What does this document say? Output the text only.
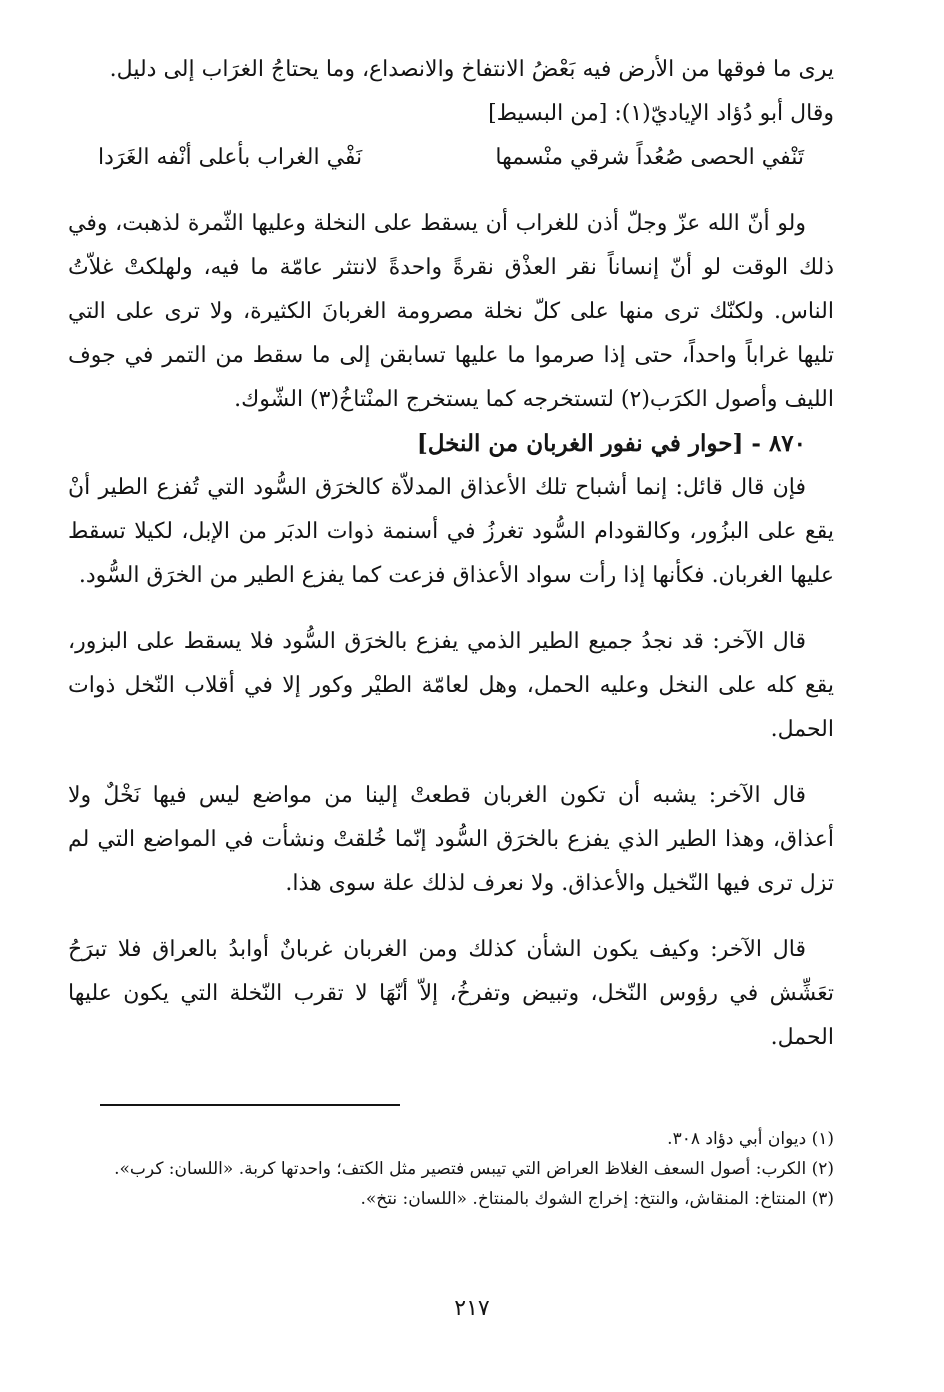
يرى ما فوقها من الأرض فيه بَعْضُ الانتفاخ والانصداع، وما يحتاجُ الغرَاب إلى دليل.

وقال أبو دُؤاد الإياديّ(١): [من البسيط]

تَنْفي الحصى صُعُداً شرقي منْسمها
نَفْي الغراب بأعلى أنْفه الغَرَدا

ولو أنّ الله عزّ وجلّ أذن للغراب أن يسقط على النخلة وعليها الثّمرة لذهبت، وفي ذلك الوقت لو أنّ إنساناً نقر العذْق نقرةً واحدةً لانتثر عامّة ما فيه، ولهلكتْ غلاّتُ الناس. ولكنّك ترى منها على كلّ نخلة مصرومة الغربانَ الكثيرة، ولا ترى على التي تليها غراباً واحداً، حتى إذا صرموا ما عليها تسابقن إلى ما سقط من التمر في جوف الليف وأصول الكرَب(٢) لتستخرجه كما يستخرج المنْتاخُ(٣) الشّوك.

٨٧٠ - [حوار في نفور الغربان من النخل]

فإن قال قائل: إنما أشباح تلك الأعذاق المدلاّة كالخرَق السُّود التي تُفزع الطير أنْ يقع على البزُور، وكالقودام السُّود تغرزُ في أسنمة ذوات الدبَر من الإبل، لكيلا تسقط عليها الغربان. فكأنها إذا رأت سواد الأعذاق فزعت كما يفزع الطير من الخرَق السُّود.

قال الآخر: قد نجدُ جميع الطير الذمي يفزع بالخرَق السُّود فلا يسقط على البزور، يقع كله على النخل وعليه الحمل، وهل لعامّة الطيْر وكور إلا في أقلاب النّخل ذوات الحمل.

قال الآخر: يشبه أن تكون الغربان قطعتْ إلينا من مواضع ليس فيها نَخْلٌ ولا أعذاق، وهذا الطير الذي يفزع بالخرَق السُّود إنّما خُلقتْ ونشأت في المواضع التي لم تزل ترى فيها النّخيل والأعذاق. ولا نعرف لذلك علة سوى هذا.

قال الآخر: وكيف يكون الشأن كذلك ومن الغربان غربانٌ أوابدُ بالعراق فلا تبرَحُ تعَشِّش في رؤوس النّخل، وتبيض وتفرخُ، إلاّ أنّهَا لا تقرب النّخلة التي يكون عليها الحمل.

(١) ديوان أبي دؤاد ٣٠٨.

(٢) الكرب: أصول السعف الغلاظ العراض التي تيبس فتصير مثل الكتف؛ واحدتها كربة. «اللسان: كرب».

(٣) المنتاخ: المنقاش، والنتخ: إخراج الشوك بالمنتاخ. «اللسان: نتخ».

٢١٧
